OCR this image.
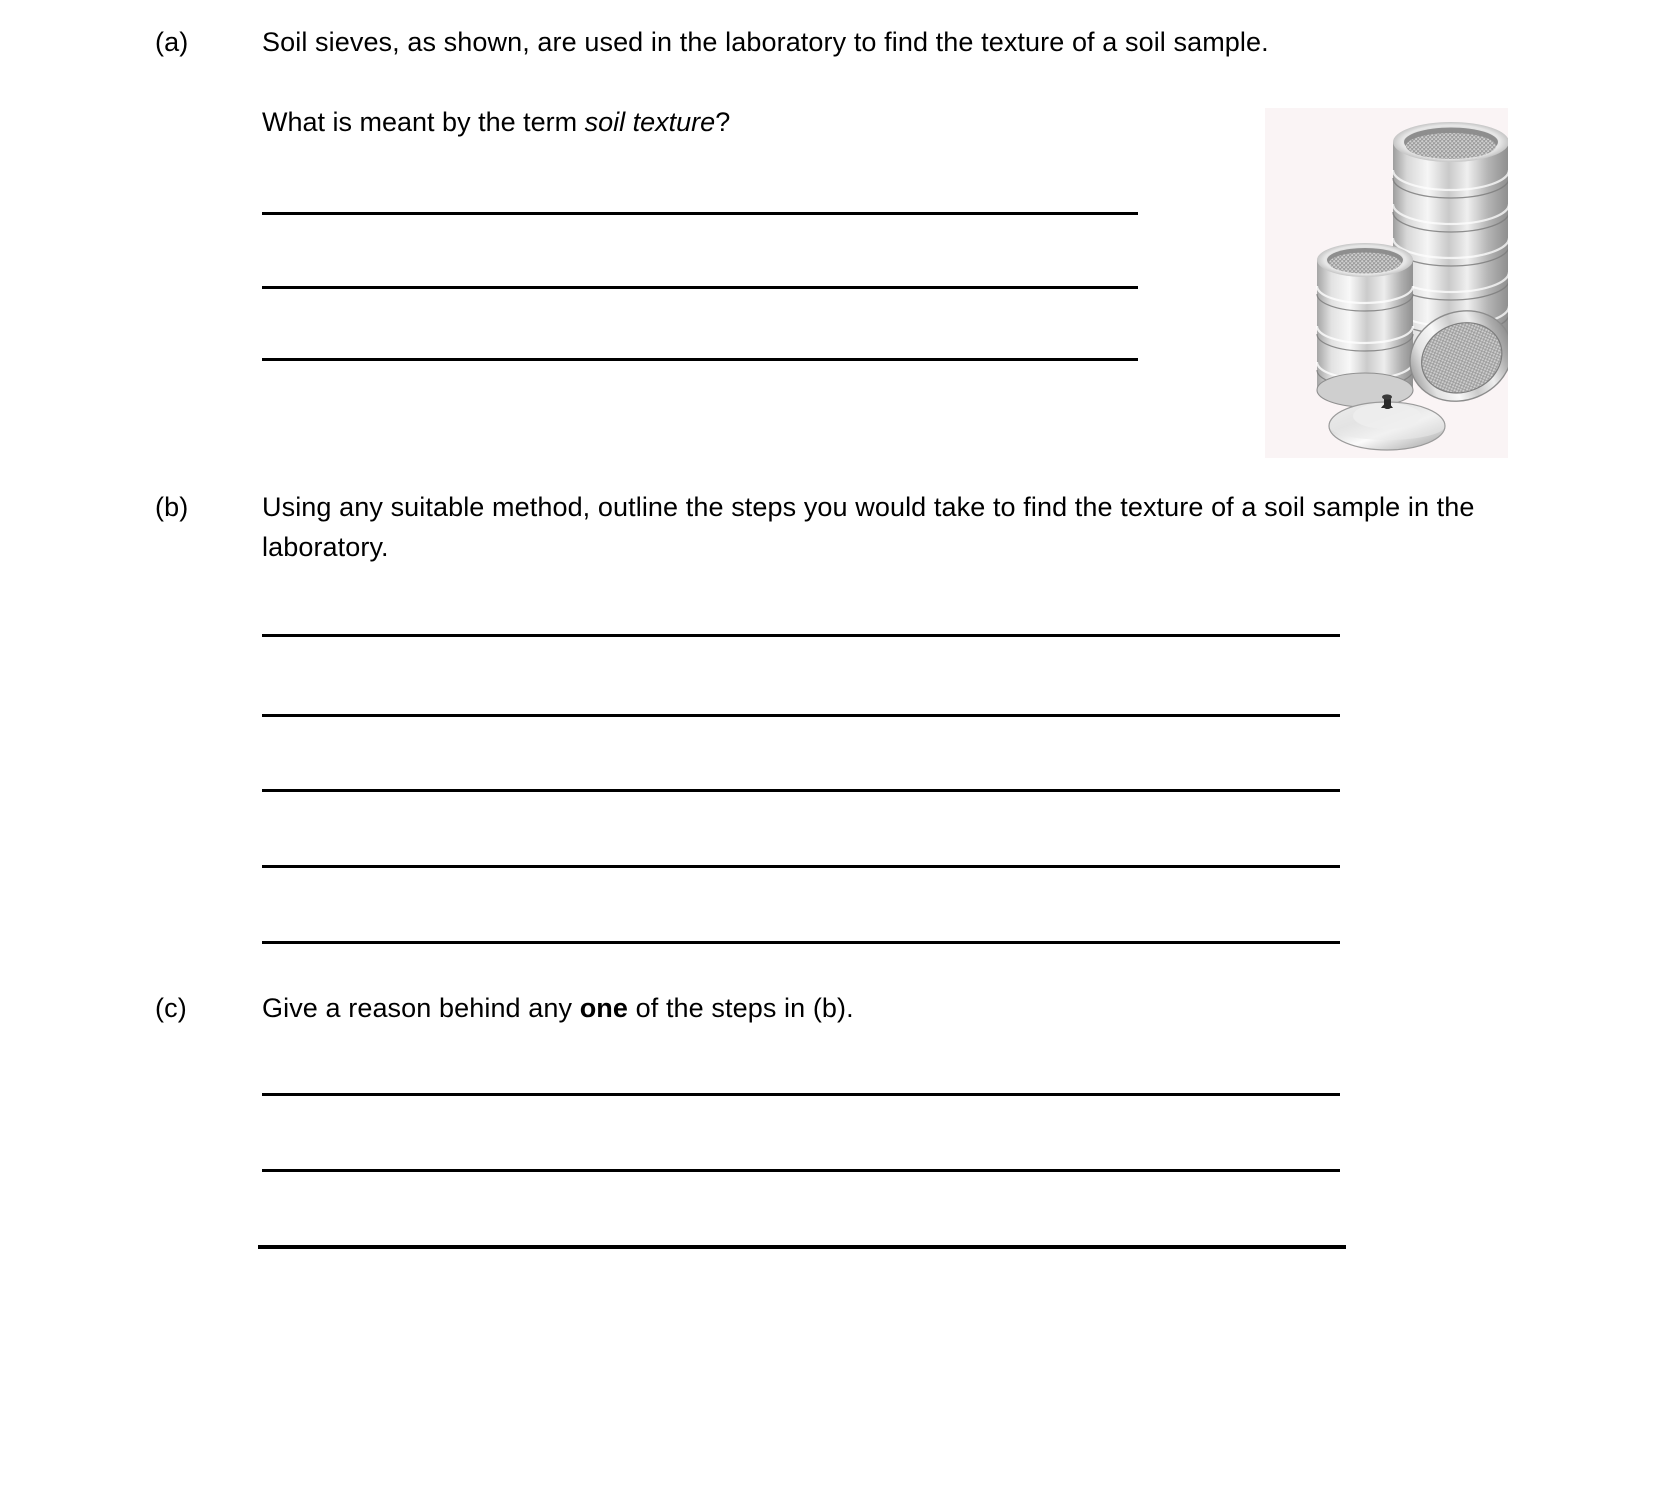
(a)	Soil sieves, as shown, are used in the laboratory to find the texture of a soil sample.
What is meant by the term soil texture?
(b)	Using any suitable method, outline the steps you would take to find the texture of a soil sample in the laboratory.
(c)	Give a reason behind any one of the steps in (b).
